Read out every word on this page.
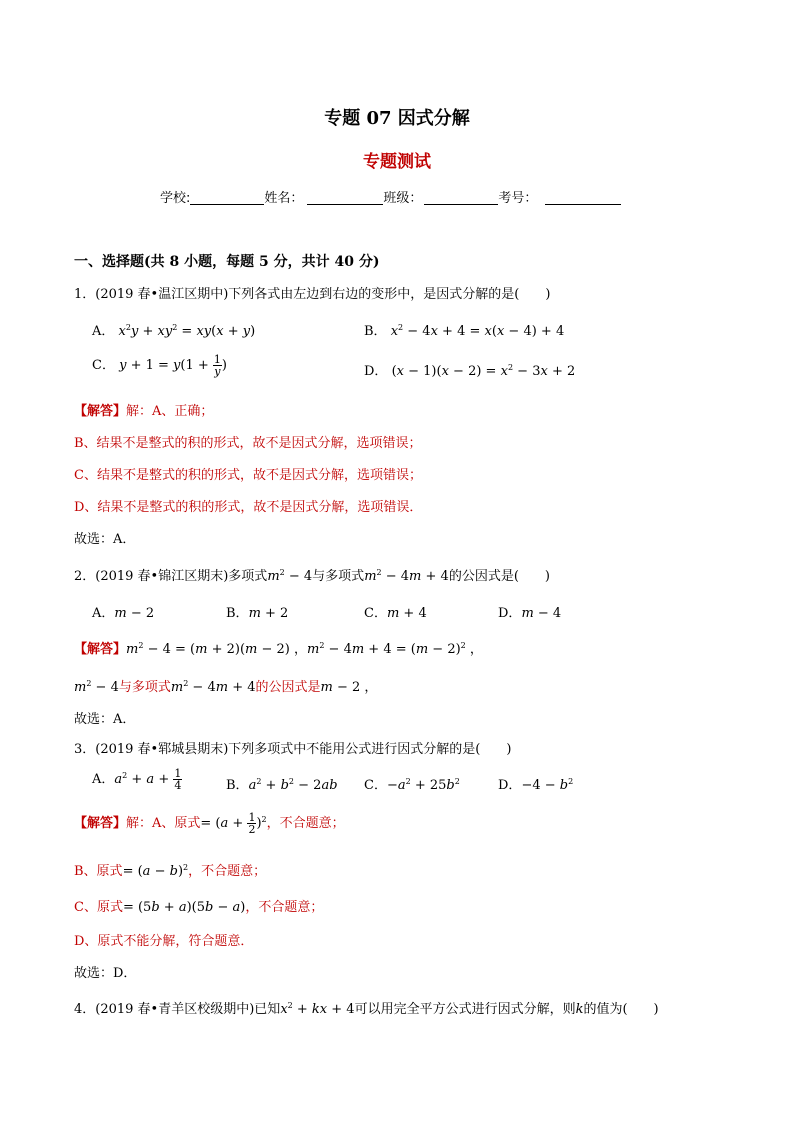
专题 07 因式分解
专题测试
学校:	姓名：	班级：	考号：
一、选择题(共 8 小题，每题 5 分，共计 40 分)
1．(2019 春•温江区期中)下列各式由左边到右边的变形中，是因式分解的是(　　)
A． $x^2y + xy^2 = xy(x + y)$	B． $x^2 - 4x + 4 = x(x - 4) + 4$
C． $y + 1 = y(1 + \frac{1}{y}$ )	D． $(x - 1)(x - 2) = x^2 - 3x + 2$
【解答】解：A、正确；
B、结果不是整式的积的形式，故不是因式分解，选项错误；
C、结果不是整式的积的形式，故不是因式分解，选项错误；
D、结果不是整式的积的形式，故不是因式分解，选项错误．
故选：A．
2．(2019 春•锦江区期末)多项式$m^2 - 4$与多项式$m^2 - 4m + 4$的公因式是(　　)
A．m − 2	B．m + 2	C．m + 4	D．m − 4
【解答】$m^2 - 4 = (m + 2)(m - 2)$ ，$m^2 - 4m + 4 = (m - 2)^2$ ，
$m^2 - 4$与多项式$m^2 - 4m + 4$的公因式是m − 2 ，
故选：A．
3．(2019 春•郓城县期末)下列多项式中不能用公式进行因式分解的是(　　)
A．$a^2 + a + \frac{1}{4}$	B．$a^2 + b^2 - 2ab$ C．$-a^2 + 25b^2$	D．$-4 - b^2$
【解答】解：A、原式= $(a + \frac{1}{2} )^2$，不合题意；
B、原式= $(a - b)^2$，不合题意；
C、原式= (5b + a)(5b − a)，不合题意；
D、原式不能分解，符合题意．
故选：D．
4．(2019 春•青羊区校级期中)已知$x^2$ + kx + 4可以用完全平方公式进行因式分解，则k的值为(　　)
